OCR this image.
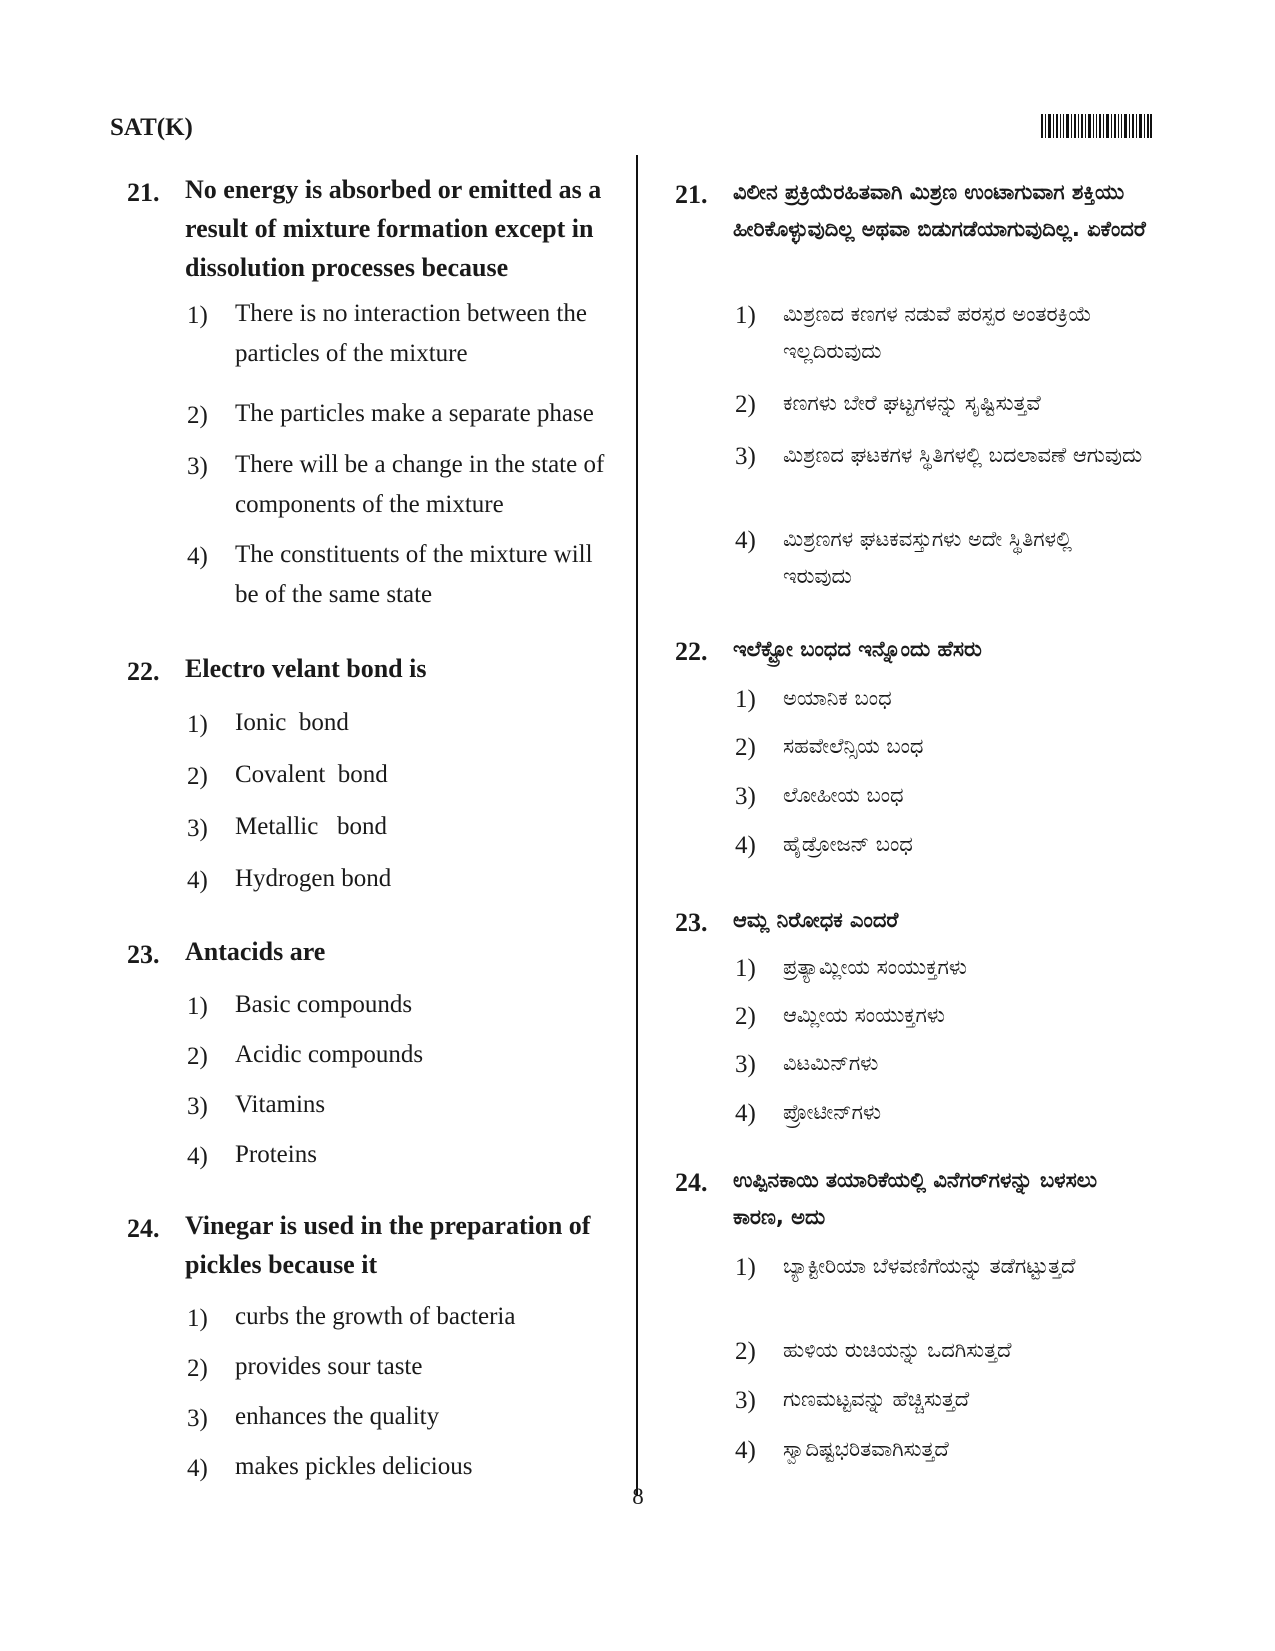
SAT(K)
21. No energy is absorbed or emitted as a result of mixture formation except in dissolution processes because
1) There is no interaction between the particles of the mixture
2) The particles make a separate phase
3) There will be a change in the state of components of the mixture
4) The constituents of the mixture will be of the same state
22. Electro velant bond is
1) Ionic  bond
2) Covalent  bond
3) Metallic   bond
4) Hydrogen bond
23. Antacids are
1) Basic compounds
2) Acidic compounds
3) Vitamins
4) Proteins
24. Vinegar is used in the preparation of pickles because it
1) curbs the growth of bacteria
2) provides sour taste
3) enhances the quality
4) makes pickles delicious
21. ವಿಲೀನ ಪ್ರಕ್ರಿಯೆರಹಿತವಾಗಿ ಮಿಶ್ರಣ ಉಂಟಾಗುವಾಗ ಶಕ್ತಿಯು ಹೀರಿಕೊಳ್ಳುವುದಿಲ್ಲ ಅಥವಾ ಬಿಡುಗಡೆಯಾಗುವುದಿಲ್ಲ. ಏಕೆಂದರೆ
1) ಮಿಶ್ರಣದ ಕಣಗಳ ನಡುವೆ ಪರಸ್ಪರ ಅಂತರಕ್ರಿಯೆ ಇಲ್ಲದಿರುವುದು
2) ಕಣಗಳು ಬೇರೆ ಘಟ್ಟಗಳನ್ನು ಸೃಷ್ಟಿಸುತ್ತವೆ
3) ಮಿಶ್ರಣದ ಘಟಕಗಳ ಸ್ಥಿತಿಗಳಲ್ಲಿ ಬದಲಾವಣೆ ಆಗುವುದು
4) ಮಿಶ್ರಣಗಳ ಘಟಕವಸ್ತುಗಳು ಅದೇ ಸ್ಥಿತಿಗಳಲ್ಲಿ ಇರುವುದು
22. ಇಲೆಕ್ಟ್ರೋ ಬಂಧದ ಇನ್ನೊಂದು ಹೆಸರು
1) ಅಯಾನಿಕ ಬಂಧ
2) ಸಹವೇಲೆನ್ಸಿಯ ಬಂಧ
3) ಲೋಹೀಯ ಬಂಧ
4) ಹೈಡ್ರೋಜನ್ ಬಂಧ
23. ಆಮ್ಲ ನಿರೋಧಕ ಎಂದರೆ
1) ಪ್ರತ್ಯಾಮ್ಲೀಯ ಸಂಯುಕ್ತಗಳು
2) ಆಮ್ಲೀಯ ಸಂಯುಕ್ತಗಳು
3) ವಿಟಮಿನ್‌ಗಳು
4) ಪ್ರೋಟೀನ್‌ಗಳು
24. ಉಪ್ಪಿನಕಾಯಿ ತಯಾರಿಕೆಯಲ್ಲಿ ವಿನೆಗರ್‌ಗಳನ್ನು ಬಳಸಲು ಕಾರಣ, ಅದು
1) ಬ್ಯಾಕ್ಟೀರಿಯಾ ಬೆಳವಣಿಗೆಯನ್ನು ತಡೆಗಟ್ಟುತ್ತದೆ
2) ಹುಳಿಯ ರುಚಿಯನ್ನು ಒದಗಿಸುತ್ತದೆ
3) ಗುಣಮಟ್ಟವನ್ನು ಹೆಚ್ಚಿಸುತ್ತದೆ
4) ಸ್ವಾದಿಷ್ಟಭರಿತವಾಗಿಸುತ್ತದೆ
8
